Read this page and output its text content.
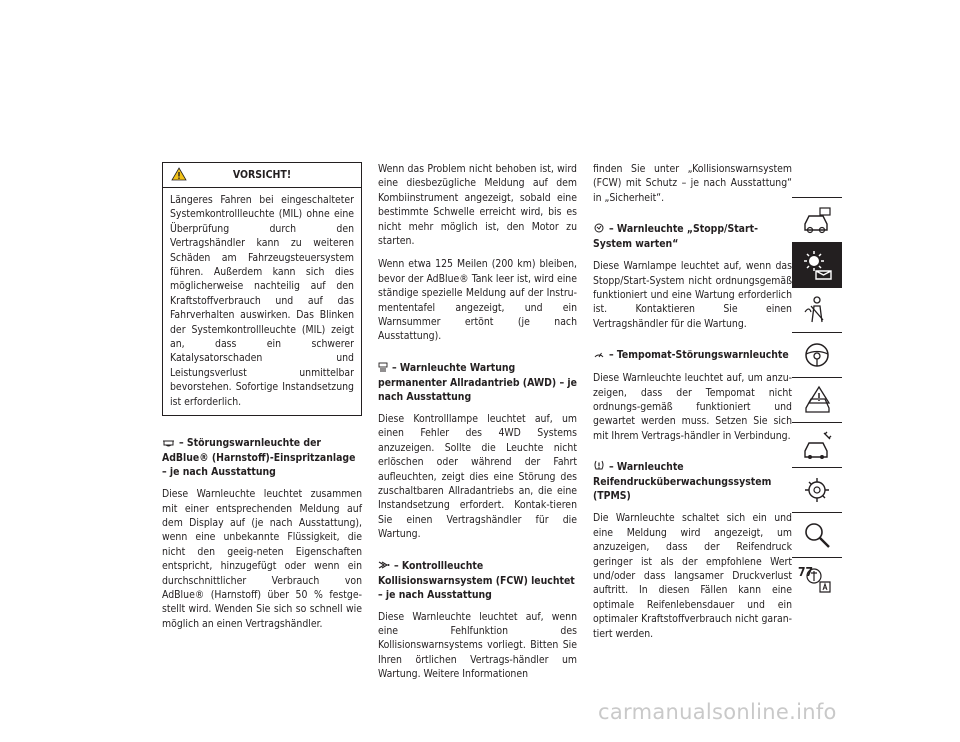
VORSICHT!
Längeres Fahren bei eingeschalteter Systemkontrollleuchte (MIL) ohne eine Überprüfung durch den Vertragshändler kann zu weiteren Schäden am Fahrzeugsteuersystem führen. Außerdem kann sich dies möglicherweise nachteilig auf den Kraftstoffverbrauch und auf das Fahrverhalten auswirken. Das Blinken der Systemkontrollleuchte (MIL) zeigt an, dass ein schwerer Katalysatorschaden und Leistungsverlust unmittelbar bevorstehen. Sofortige Instandsetzung ist erforderlich.
– Störungswarnleuchte der AdBlue® (Harnstoff)-Einspritzanlage – je nach Ausstattung

Diese Warnleuchte leuchtet zusammen mit einer entsprechenden Meldung auf dem Display auf (je nach Ausstattung), wenn eine unbekannte Flüssigkeit, die nicht den geeig-neten Eigenschaften entspricht, hinzugefügt oder wenn ein durchschnittlicher Verbrauch von AdBlue® (Harnstoff) über 50 % festge-stellt wird. Wenden Sie sich so schnell wie möglich an einen Vertragshändler.

Wenn das Problem nicht behoben ist, wird eine diesbezügliche Meldung auf dem Kombiinstrument angezeigt, sobald eine bestimmte Schwelle erreicht wird, bis es nicht mehr möglich ist, den Motor zu starten.

Wenn etwa 125 Meilen (200 km) bleiben, bevor der AdBlue® Tank leer ist, wird eine ständige spezielle Meldung auf der Instru-mententafel angezeigt, und ein Warnsummer ertönt (je nach Ausstattung).

– Warnleuchte Wartung permanenter Allradantrieb (AWD) – je nach Ausstattung

Diese Kontrolllampe leuchtet auf, um einen Fehler des 4WD Systems anzuzeigen. Sollte die Leuchte nicht erlöschen oder während der Fahrt aufleuchten, zeigt dies eine Störung des zuschaltbaren Allradantriebs an, die eine Instandsetzung erfordert. Kontak-tieren Sie einen Vertragshändler für die Wartung.

– Kontrollleuchte Kollisionswarnsystem (FCW) leuchtet – je nach Ausstattung

Diese Warnleuchte leuchtet auf, wenn eine Fehlfunktion des Kollisionswarnsystems vorliegt. Bitten Sie Ihren örtlichen Vertrags-händler um Wartung. Weitere Informationen

finden Sie unter „Kollisionswarnsystem (FCW) mit Schutz – je nach Ausstattung“ in „Sicherheit“.

– Warnleuchte „Stopp/Start-System warten“

Diese Warnlampe leuchtet auf, wenn das Stopp/Start-System nicht ordnungsgemäß funktioniert und eine Wartung erforderlich ist. Kontaktieren Sie einen Vertragshändler für die Wartung.

– Tempomat-Störungswarnleuchte

Diese Warnleuchte leuchtet auf, um anzu-zeigen, dass der Tempomat nicht ordnungs-gemäß funktioniert und gewartet werden muss. Setzen Sie sich mit Ihrem Vertrags-händler in Verbindung.

– Warnleuchte Reifendrucküberwachungssystem (TPMS)

Die Warnleuchte schaltet sich ein und eine Meldung wird angezeigt, um anzuzeigen, dass der Reifendruck geringer ist als der empfohlene Wert und/oder dass langsamer Druckverlust auftritt. In diesen Fällen kann eine optimale Reifenlebensdauer und ein optimaler Kraftstoffverbrauch nicht garan-tiert werden.

77
carmanualsonline.info
